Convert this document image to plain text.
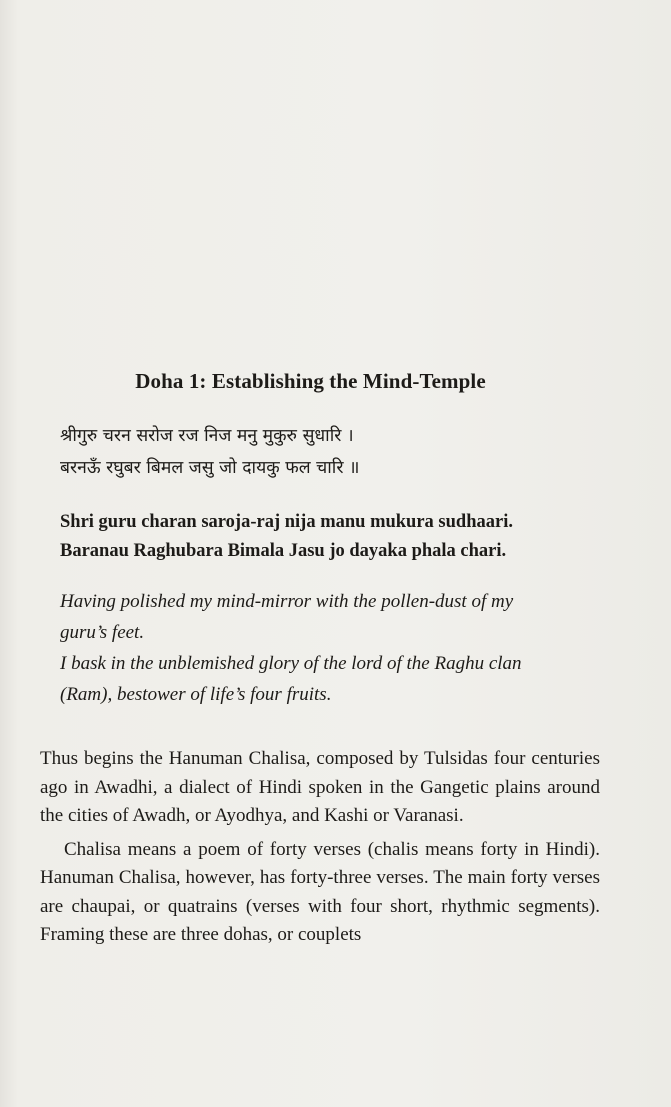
Doha 1: Establishing the Mind-Temple
श्रीगुरु चरन सरोज रज निज मनु मुकुरु सुधारि ।
बरनऊँ रघुबर बिमल जसु जो दायकु फल चारि ॥
Shri guru charan saroja-raj nija manu mukura sudhaari.
Baranau Raghubara Bimala Jasu jo dayaka phala chari.
Having polished my mind-mirror with the pollen-dust of my
guru’s feet.
I bask in the unblemished glory of the lord of the Raghu clan
(Ram), bestower of life’s four fruits.

Thus begins the Hanuman Chalisa, composed by Tulsidas four centuries ago in Awadhi, a dialect of Hindi spoken in the Gangetic plains around the cities of Awadh, or Ayodhya, and Kashi or Varanasi.

Chalisa means a poem of forty verses (chalis means forty in Hindi). Hanuman Chalisa, however, has forty-three verses. The main forty verses are chaupai, or quatrains (verses with four short, rhythmic segments). Framing these are three dohas, or couplets
